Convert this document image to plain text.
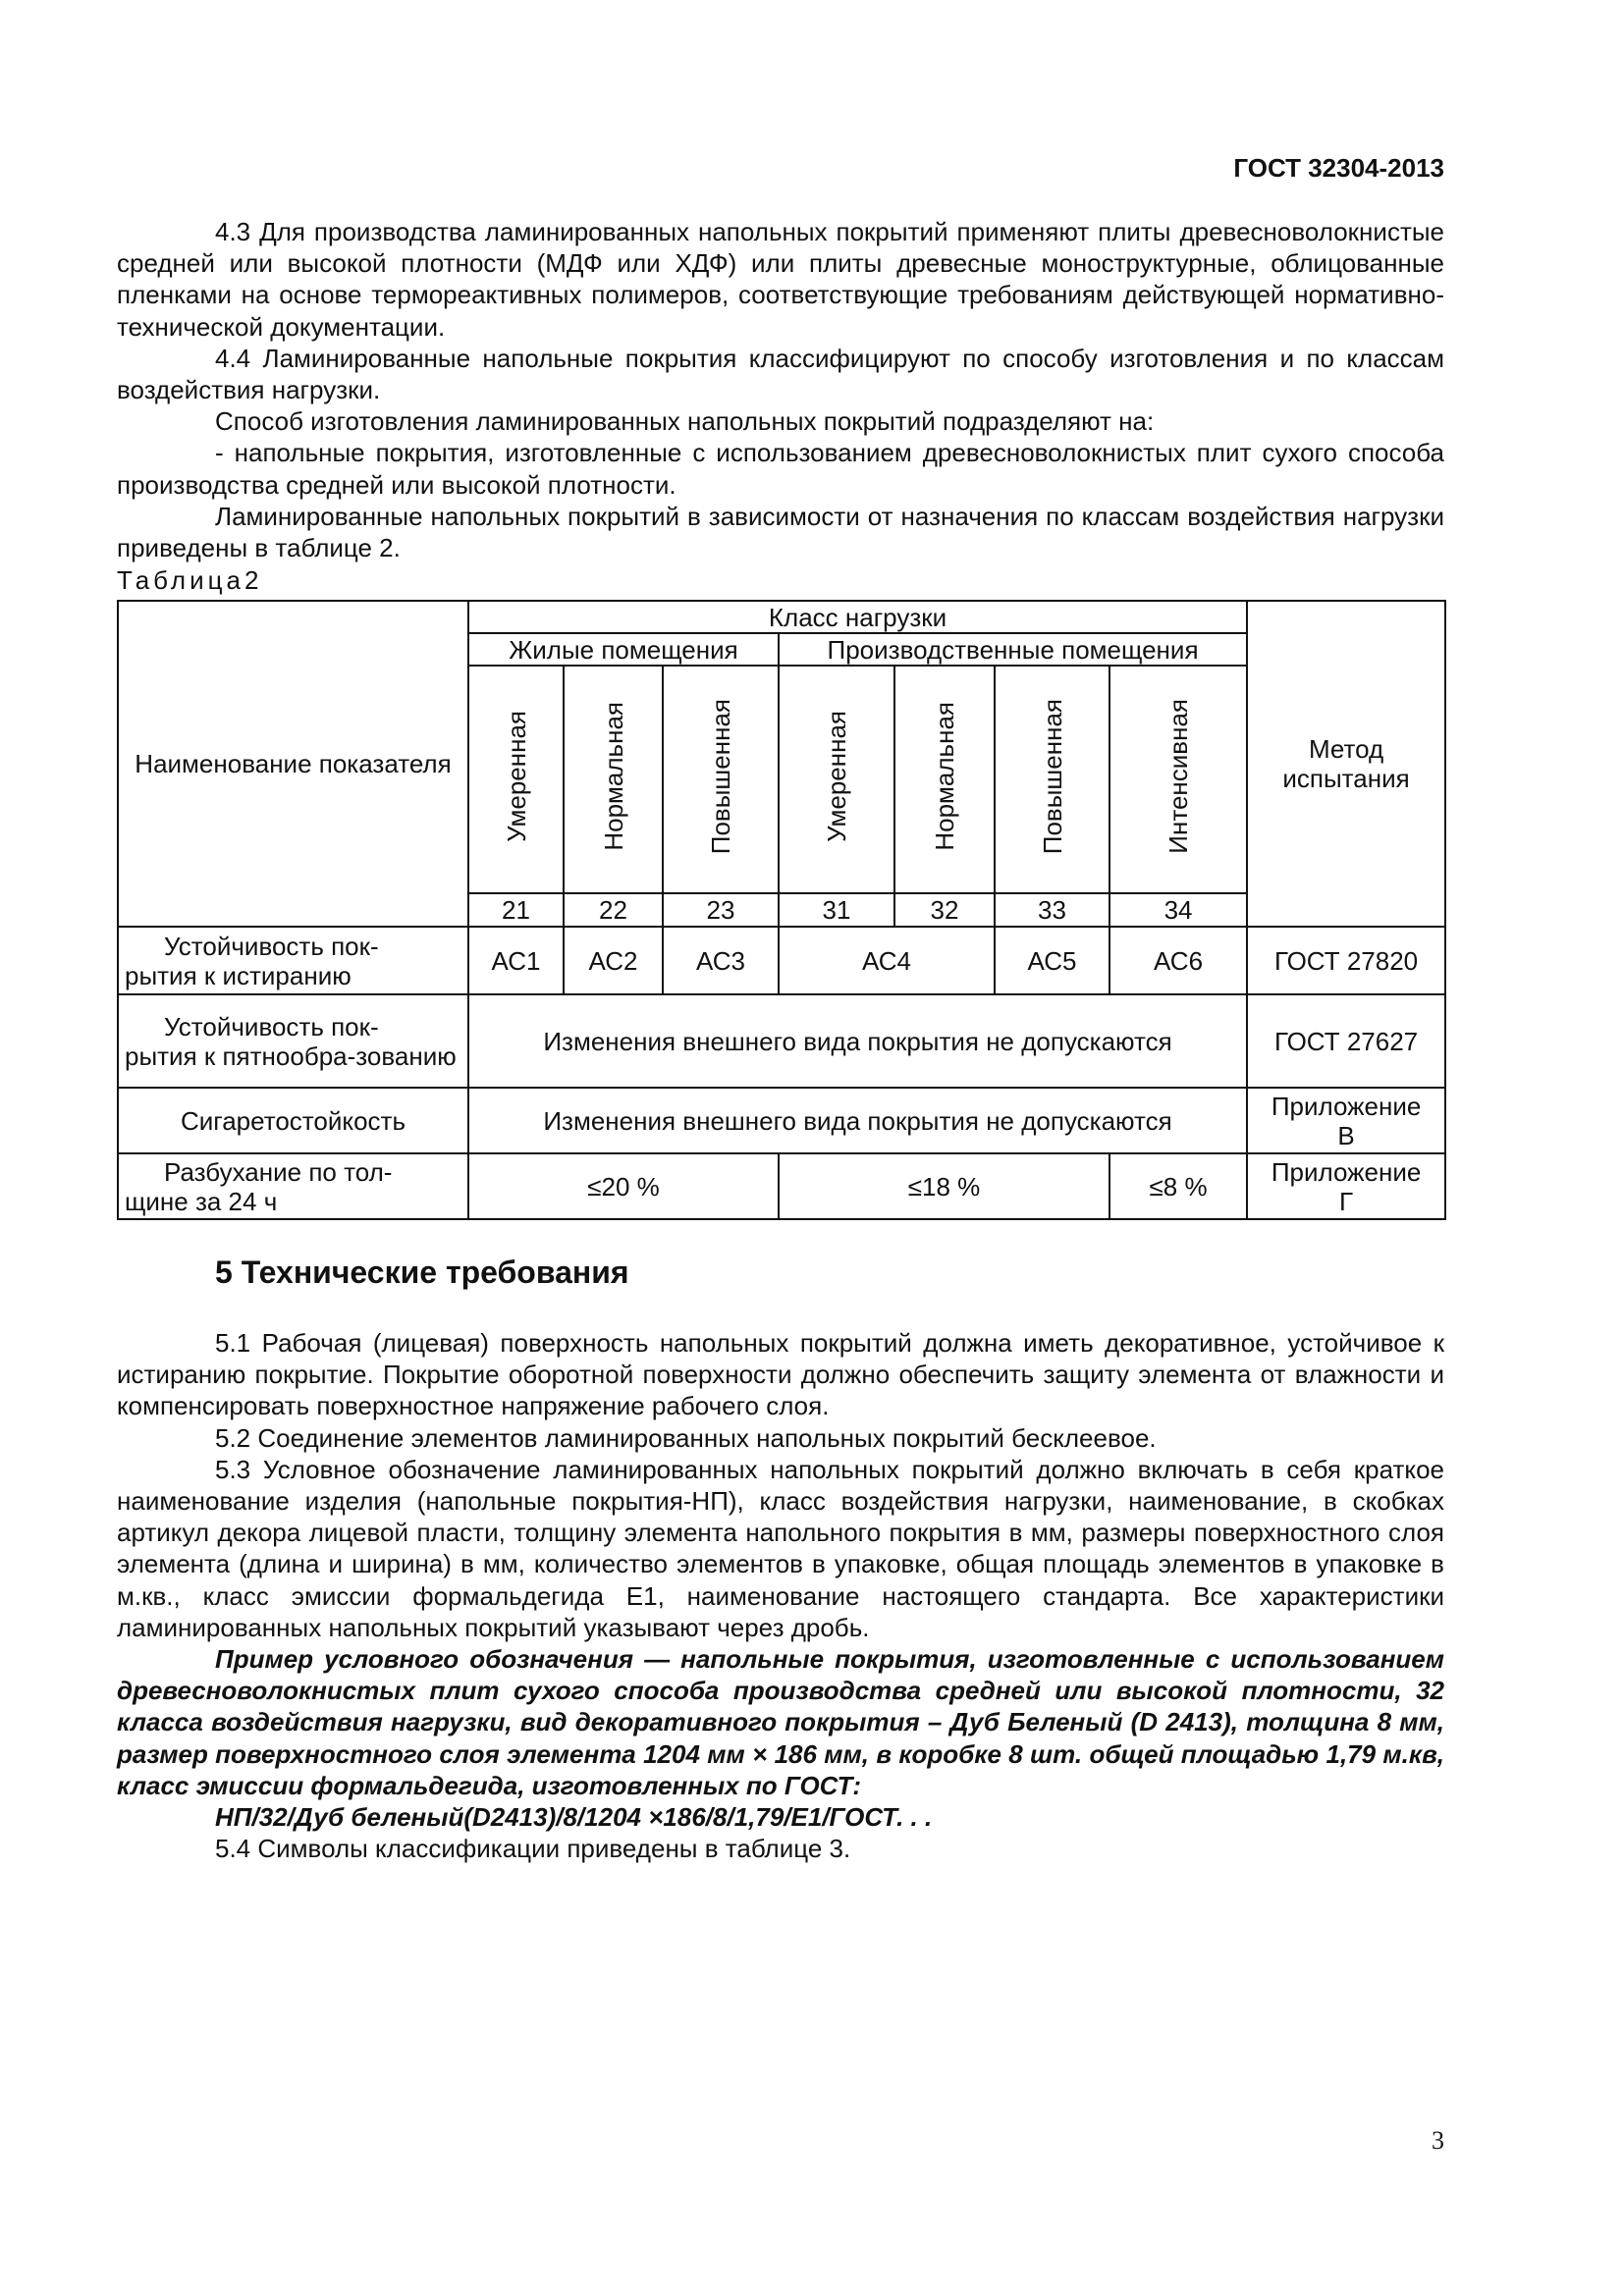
ГОСТ 32304-2013

4.3 Для производства ламинированных напольных покрытий применяют плиты древесноволокнистые средней или высокой плотности (МДФ или ХДФ) или плиты древесные моноструктурные, облицованные пленками на основе термореактивных полимеров, соответствующие требованиям действующей нормативно-технической документации.

4.4 Ламинированные напольные покрытия классифицируют по способу изготовления и по классам воздействия нагрузки.

Способ изготовления ламинированных напольных покрытий подразделяют на:

- напольные покрытия, изготовленные с использованием древесноволокнистых плит сухого способа производства средней или высокой плотности.

Ламинированные напольных покрытий в зависимости от назначения по классам воздействия нагрузки приведены в таблице 2.

Таблица2
Наименование показателя	Класс нагрузки							Метод испытания
	Жилые помещения			Производственные помещения				
	Умеренная	Нормальная	Повышенная	Умеренная	Нормальная	Повышенная	Интенсивная	
	21	22	23	31	32	33	34	

Устойчивость пок-
рытия к истиранию	АС1	АС2	АС3	АС4		АС5	АС6	ГОСТ 27820

Устойчивость пок-
рытия к пятнообра-зованию	Изменения внешнего вида покрытия не допускаются							ГОСТ 27627
Сигаретостойкость	Изменения внешнего вида покрытия не допускаются							Приложение
В

Разбухание по тол-
щине за 24 ч	≤20 %			≤18 %			≤8 %	Приложение
Г
5 Технические требования

5.1 Рабочая (лицевая) поверхность напольных покрытий должна иметь декоративное, устойчивое к истиранию покрытие. Покрытие оборотной поверхности должно обеспечить защиту элемента от влажности и компенсировать поверхностное напряжение рабочего слоя.

5.2 Соединение элементов ламинированных напольных покрытий бесклеевое.

5.3 Условное обозначение ламинированных напольных покрытий должно включать в себя краткое наименование изделия (напольные покрытия-НП), класс воздействия нагрузки, наименование, в скобках артикул декора лицевой пласти, толщину элемента напольного покрытия в мм, размеры поверхностного слоя элемента (длина и ширина) в мм, количество элементов в упаковке, общая площадь элементов в упаковке в м.кв., класс эмиссии формальдегида Е1, наименование настоящего стандарта. Все характеристики ламинированных напольных покрытий указывают через дробь.

Пример условного обозначения — напольные покрытия, изготовленные с использованием древесноволокнистых плит сухого способа производства средней или высокой плотности, 32 класса воздействия нагрузки, вид декоративного покрытия – Дуб Беленый (D 2413), толщина 8 мм, размер поверхностного слоя элемента 1204 мм × 186 мм, в коробке 8 шт. общей площадью 1,79 м.кв, класс эмиссии формальдегида, изготовленных по ГОСТ:

НП/32/Дуб беленый(D2413)/8/1204 ×186/8/1,79/Е1/ГОСТ. . .

5.4 Символы классификации приведены в таблице 3.

3
